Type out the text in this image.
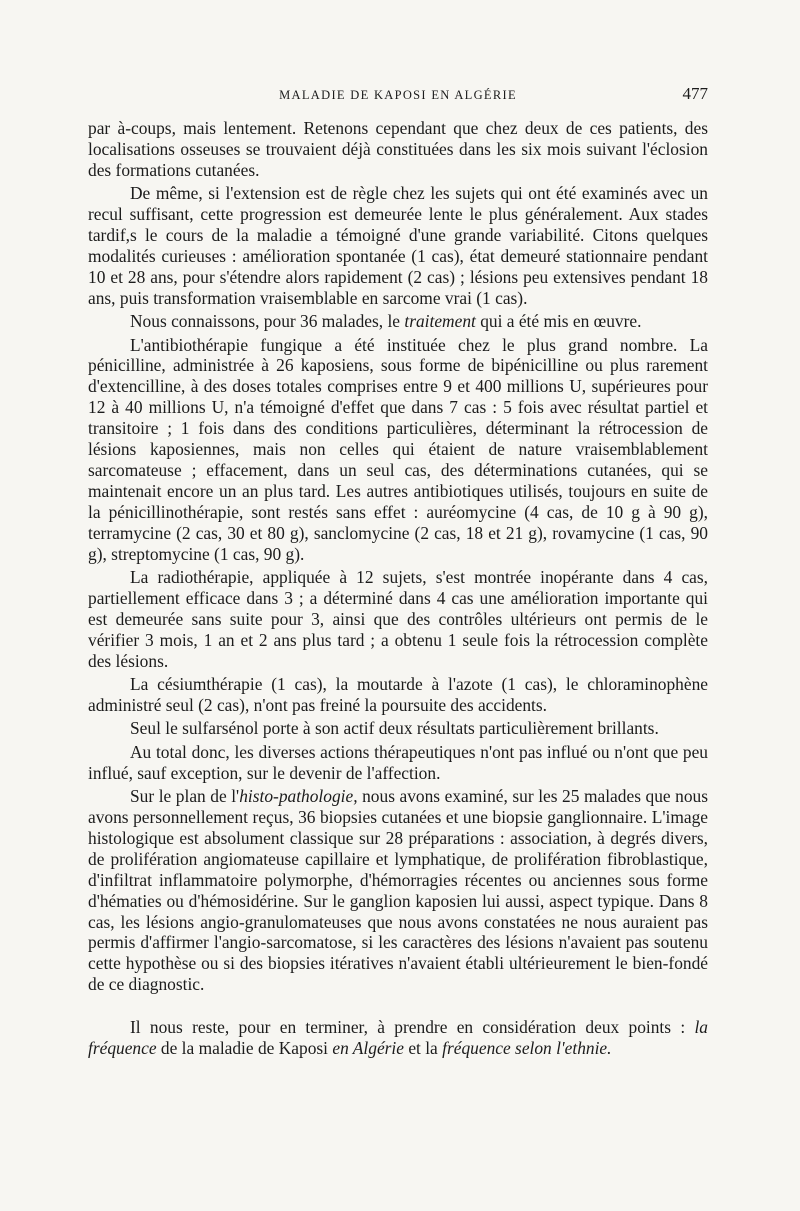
MALADIE DE KAPOSI EN ALGÉRIE	477

par à-coups, mais lentement. Retenons cependant que chez deux de ces patients, des localisations osseuses se trouvaient déjà constituées dans les six mois suivant l'éclosion des formations cutanées.

De même, si l'extension est de règle chez les sujets qui ont été examinés avec un recul suffisant, cette progression est demeurée lente le plus généralement. Aux stades tardif,s le cours de la maladie a témoigné d'une grande variabilité. Citons quelques modalités curieuses : amélioration spontanée (1 cas), état demeuré stationnaire pendant 10 et 28 ans, pour s'étendre alors rapidement (2 cas) ; lésions peu extensives pendant 18 ans, puis transformation vraisemblable en sarcome vrai (1 cas).

Nous connaissons, pour 36 malades, le traitement qui a été mis en œuvre.

L'antibiothérapie fungique a été instituée chez le plus grand nombre. La pénicilline, administrée à 26 kaposiens, sous forme de bipénicilline ou plus rarement d'extencilline, à des doses totales comprises entre 9 et 400 millions U, supérieures pour 12 à 40 millions U, n'a témoigné d'effet que dans 7 cas : 5 fois avec résultat partiel et transitoire ; 1 fois dans des conditions particulières, déterminant la rétrocession de lésions kaposiennes, mais non celles qui étaient de nature vraisemblablement sarcomateuse ; effacement, dans un seul cas, des déterminations cutanées, qui se maintenait encore un an plus tard. Les autres antibiotiques utilisés, toujours en suite de la pénicillinothérapie, sont restés sans effet : auréomycine (4 cas, de 10 g à 90 g), terramycine (2 cas, 30 et 80 g), sanclomycine (2 cas, 18 et 21 g), rovamycine (1 cas, 90 g), streptomycine (1 cas, 90 g).

La radiothérapie, appliquée à 12 sujets, s'est montrée inopérante dans 4 cas, partiellement efficace dans 3 ; a déterminé dans 4 cas une amélioration importante qui est demeurée sans suite pour 3, ainsi que des contrôles ultérieurs ont permis de le vérifier 3 mois, 1 an et 2 ans plus tard ; a obtenu 1 seule fois la rétrocession complète des lésions.

La césiumthérapie (1 cas), la moutarde à l'azote (1 cas), le chloraminophène administré seul (2 cas), n'ont pas freiné la poursuite des accidents.

Seul le sulfarsénol porte à son actif deux résultats particulièrement brillants.

Au total donc, les diverses actions thérapeutiques n'ont pas influé ou n'ont que peu influé, sauf exception, sur le devenir de l'affection.

Sur le plan de l'histo-pathologie, nous avons examiné, sur les 25 malades que nous avons personnellement reçus, 36 biopsies cutanées et une biopsie ganglionnaire. L'image histologique est absolument classique sur 28 préparations : association, à degrés divers, de prolifération angiomateuse capillaire et lymphatique, de prolifération fibroblastique, d'infiltrat inflammatoire polymorphe, d'hémorragies récentes ou anciennes sous forme d'hématies ou d'hémosidérine. Sur le ganglion kaposien lui aussi, aspect typique. Dans 8 cas, les lésions angio-granulomateuses que nous avons constatées ne nous auraient pas permis d'affirmer l'angio-sarcomatose, si les caractères des lésions n'avaient pas soutenu cette hypothèse ou si des biopsies itératives n'avaient établi ultérieurement le bien-fondé de ce diagnostic.

Il nous reste, pour en terminer, à prendre en considération deux points : la fréquence de la maladie de Kaposi en Algérie et la fréquence selon l'ethnie.
